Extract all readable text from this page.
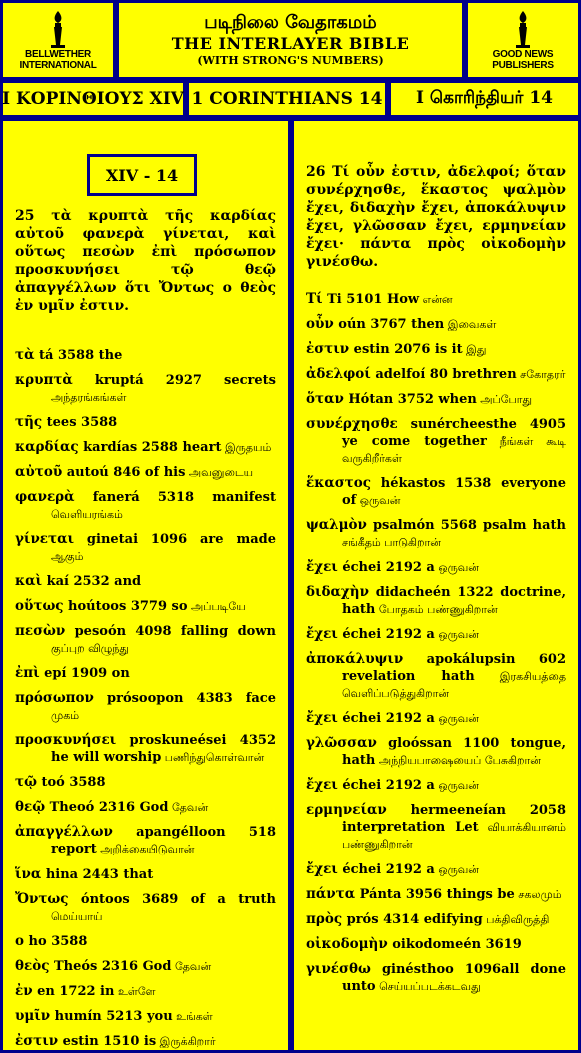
BELLWETHER INTERNATIONAL
படிநிலை வேதாகமம்
THE INTERLAYER BIBLE
(WITH STRONG'S NUMBERS)	GOOD NEWS PUBLISHERS
Ι ΚΟΡΙΝΘΙΟΥΣ XIV 1 CORINTHIANS 14	I கொரிந்தியர் 14

25 τὰ κρυπτὰ τῆς καρδίας αὐτοῦ φανερὰ γίνεται, καὶ οὕτως πεσὼν ἐπὶ πρόσωπον προσκυνήσει τῷ θεῷ ἀπαγγέλλων ὅτι Ὄντως ο θεὸς ἐν υμῖν ἐστιν.

τὰ tá 3588 the
κρυπτὰ kruptá 2927 secrets அந்தரங்கங்கள்
τῆς tees 3588
καρδίας kardías 2588 heart இருதயம்
αὐτοῦ autoú 846 of his அவனுடைய
φανερὰ fanerá 5318 manifest வெளியரங்கம்
γίνεται ginetai 1096 are made ஆகும்
καὶ kaí 2532 and
οὕτως hoútoos 3779 so அப்படியே
πεσὼν pesoón 4098 falling down குப்புற விழுந்து
ἐπὶ epí 1909 on
πρόσωπον prósoopon 4383 face முகம்
προσκυνήσει proskuneései 4352 he will worship பணிந்துகொள்வான்
τῷ toó 3588
θεῷ Theoó 2316 God தேவன்
ἀπαγγέλλων apangélloon 518 report அறிக்கையிடுவான்
ἵνα hina 2443 that
Ὄντως óntoos 3689 of a truth மெய்யாய்
ο ho 3588
θεὸς Theós 2316 God தேவன்
ἐν en 1722 in உள்ளே
υμῖν humín 5213 you உங்கள்
ἐστιν estin 1510 is இருக்கிறார்
XIV - 14	26 Τί οὖν ἐστιν, ἀδελφοί; ὅταν συνέρχησθε, ἕκαστος ψαλμὸν ἔχει, διδαχὴν ἔχει, ἀποκάλυψιν ἔχει, γλῶσσαν ἔχει, ερμηνείαν ἔχει· πάντα πρὸς οἰκοδομὴν γινέσθω.

Τί Ti 5101 How என்ன
οὖν oún 3767 then இவைகள்
ἐστιν estin 2076 is it இது
ἀδελφοί adelfoí 80 brethren சகோதரர்
ὅταν Hótan 3752 when அப்போது
συνέρχησθε sunércheesthe 4905 ye come together நீங்கள் கூடி வருகிறீர்கள்
ἕκαστος hékastos 1538 everyone of ஒருவன்
ψαλμὸν psalmón 5568 psalm hath சங்கீதம் பாடுகிறான்
ἔχει échei 2192 a ஒருவன்
διδαχὴν didacheén 1322 doctrine, hath போதகம் பண்ணுகிறான்
ἔχει échei 2192 a ஒருவன்
ἀποκάλυψιν apokálupsin 602 revelation hath இரகசியத்தை வெளிப்படுத்துகிறான்
ἔχει échei 2192 a ஒருவன்
γλῶσσαν gloóssan 1100 tongue, hath அந்நியபாஷையைப் பேசுகிறான்
ἔχει échei 2192 a ஒருவன்
ερμηνείαν hermeeneían 2058 interpretation Let வியாக்கியானம் பண்ணுகிறான்
ἔχει échei 2192 a ஒருவன்
πάντα Pánta 3956 things be சகலமும்
πρὸς prós 4314 edifying பக்திவிருத்தி
οἰκοδομὴν oikodomeén 3619
γινέσθω ginésthoo 1096all done unto செய்யப்படக்கடவது
